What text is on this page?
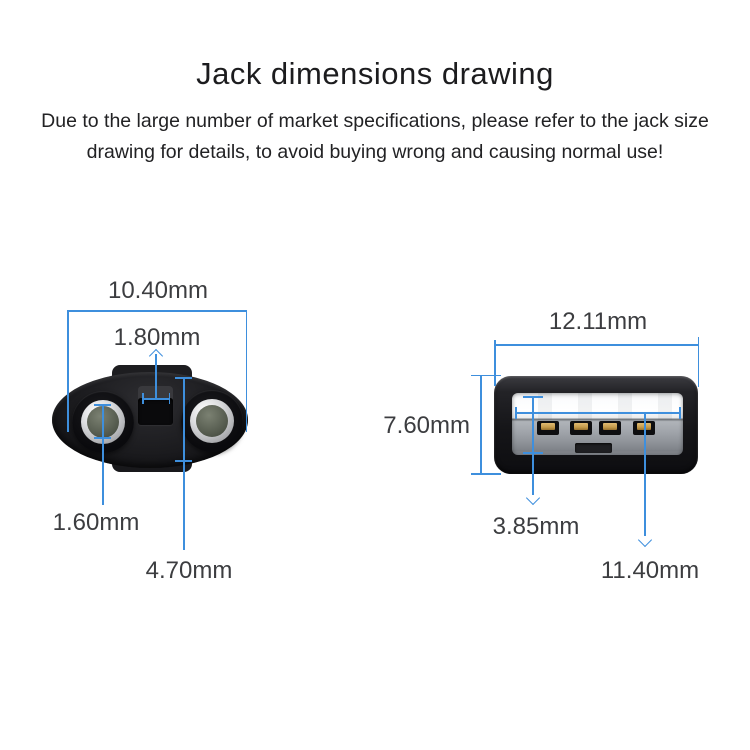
Jack dimensions drawing
Due to the large number of market specifications, please refer to the jack size
drawing for details, to avoid buying wrong and causing normal use!
10.40mm
1.80mm
1.60mm
4.70mm
12.11mm
7.60mm
3.85mm
11.40mm
